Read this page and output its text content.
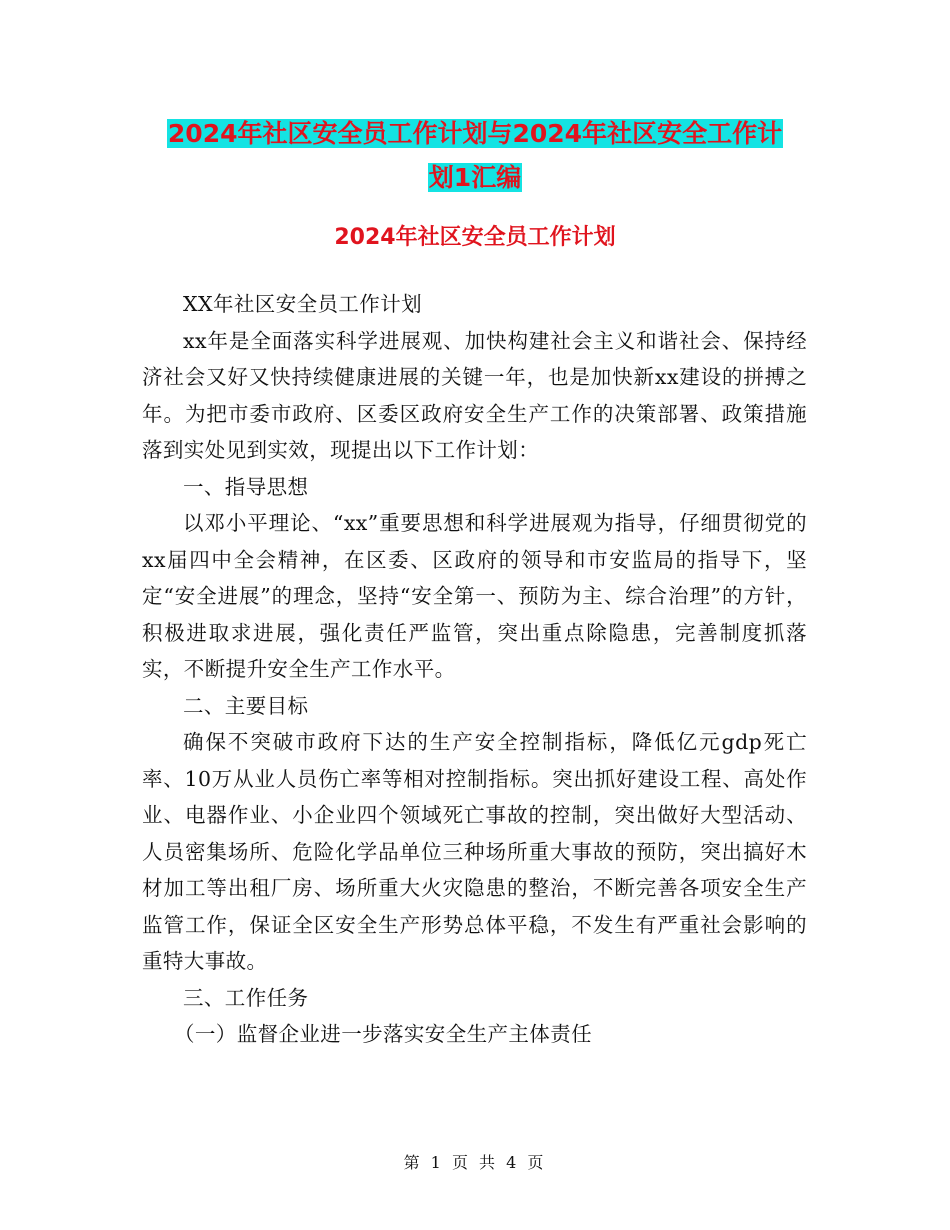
2024年社区安全员工作计划与2024年社区安全工作计
划1汇编
2024年社区安全员工作计划

XX年社区安全员工作计划

xx年是全面落实科学进展观、加快构建社会主义和谐社会、保持经济社会又好又快持续健康进展的关键一年，也是加快新xx建设的拼搏之年。为把市委市政府、区委区政府安全生产工作的决策部署、政策措施落到实处见到实效，现提出以下工作计划：

一、指导思想

以邓小平理论、“xx”重要思想和科学进展观为指导，仔细贯彻党的xx届四中全会精神，在区委、区政府的领导和市安监局的指导下，坚定“安全进展”的理念，坚持“安全第一、预防为主、综合治理”的方针，积极进取求进展，强化责任严监管，突出重点除隐患，完善制度抓落实，不断提升安全生产工作水平。

二、主要目标

确保不突破市政府下达的生产安全控制指标，降低亿元gdp死亡率、10万从业人员伤亡率等相对控制指标。突出抓好建设工程、高处作业、电器作业、小企业四个领域死亡事故的控制，突出做好大型活动、人员密集场所、危险化学品单位三种场所重大事故的预防，突出搞好木材加工等出租厂房、场所重大火灾隐患的整治，不断完善各项安全生产监管工作，保证全区安全生产形势总体平稳，不发生有严重社会影响的重特大事故。

三、工作任务

（一）监督企业进一步落实安全生产主体责任

第 1 页 共 4 页
